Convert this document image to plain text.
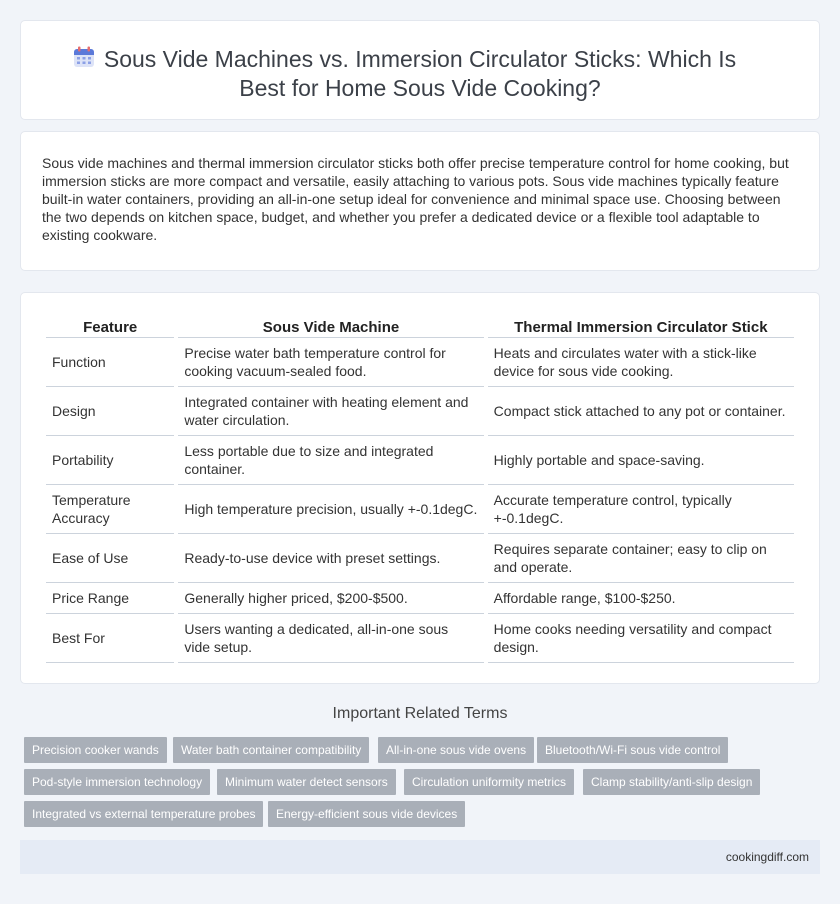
Sous Vide Machines vs. Immersion Circulator Sticks: Which Is
Best for Home Sous Vide Cooking?

Sous vide machines and thermal immersion circulator sticks both offer precise temperature control for home cooking, but immersion sticks are more compact and versatile, easily attaching to various pots. Sous vide machines typically feature built-in water containers, providing an all-in-one setup ideal for convenience and minimal space use. Choosing between the two depends on kitchen space, budget, and whether you prefer a dedicated device or a flexible tool adaptable to existing cookware.

Feature	Sous Vide Machine	Thermal Immersion Circulator Stick
Function	Precise water bath temperature control for cooking vacuum-sealed food.	Heats and circulates water with a stick-like device for sous vide cooking.
Design	Integrated container with heating element and water circulation.	Compact stick attached to any pot or container.
Portability	Less portable due to size and integrated container.	Highly portable and space-saving.
Temperature Accuracy	High temperature precision, usually +-0.1degC.	Accurate temperature control, typically +-0.1degC.
Ease of Use	Ready-to-use device with preset settings.	Requires separate container; easy to clip on and operate.
Price Range	Generally higher priced, $200-$500.	Affordable range, $100-$250.
Best For	Users wanting a dedicated, all-in-one sous vide setup.	Home cooks needing versatility and compact design.
Important Related Terms
Precision cooker wands	Water bath container compatibility	All-in-one sous vide ovens	Bluetooth/Wi-Fi sous vide control
Pod-style immersion technology	Minimum water detect sensors	Circulation uniformity metrics	Clamp stability/anti-slip design
Integrated vs external temperature probes	Energy-efficient sous vide devices
cookingdiff.com
